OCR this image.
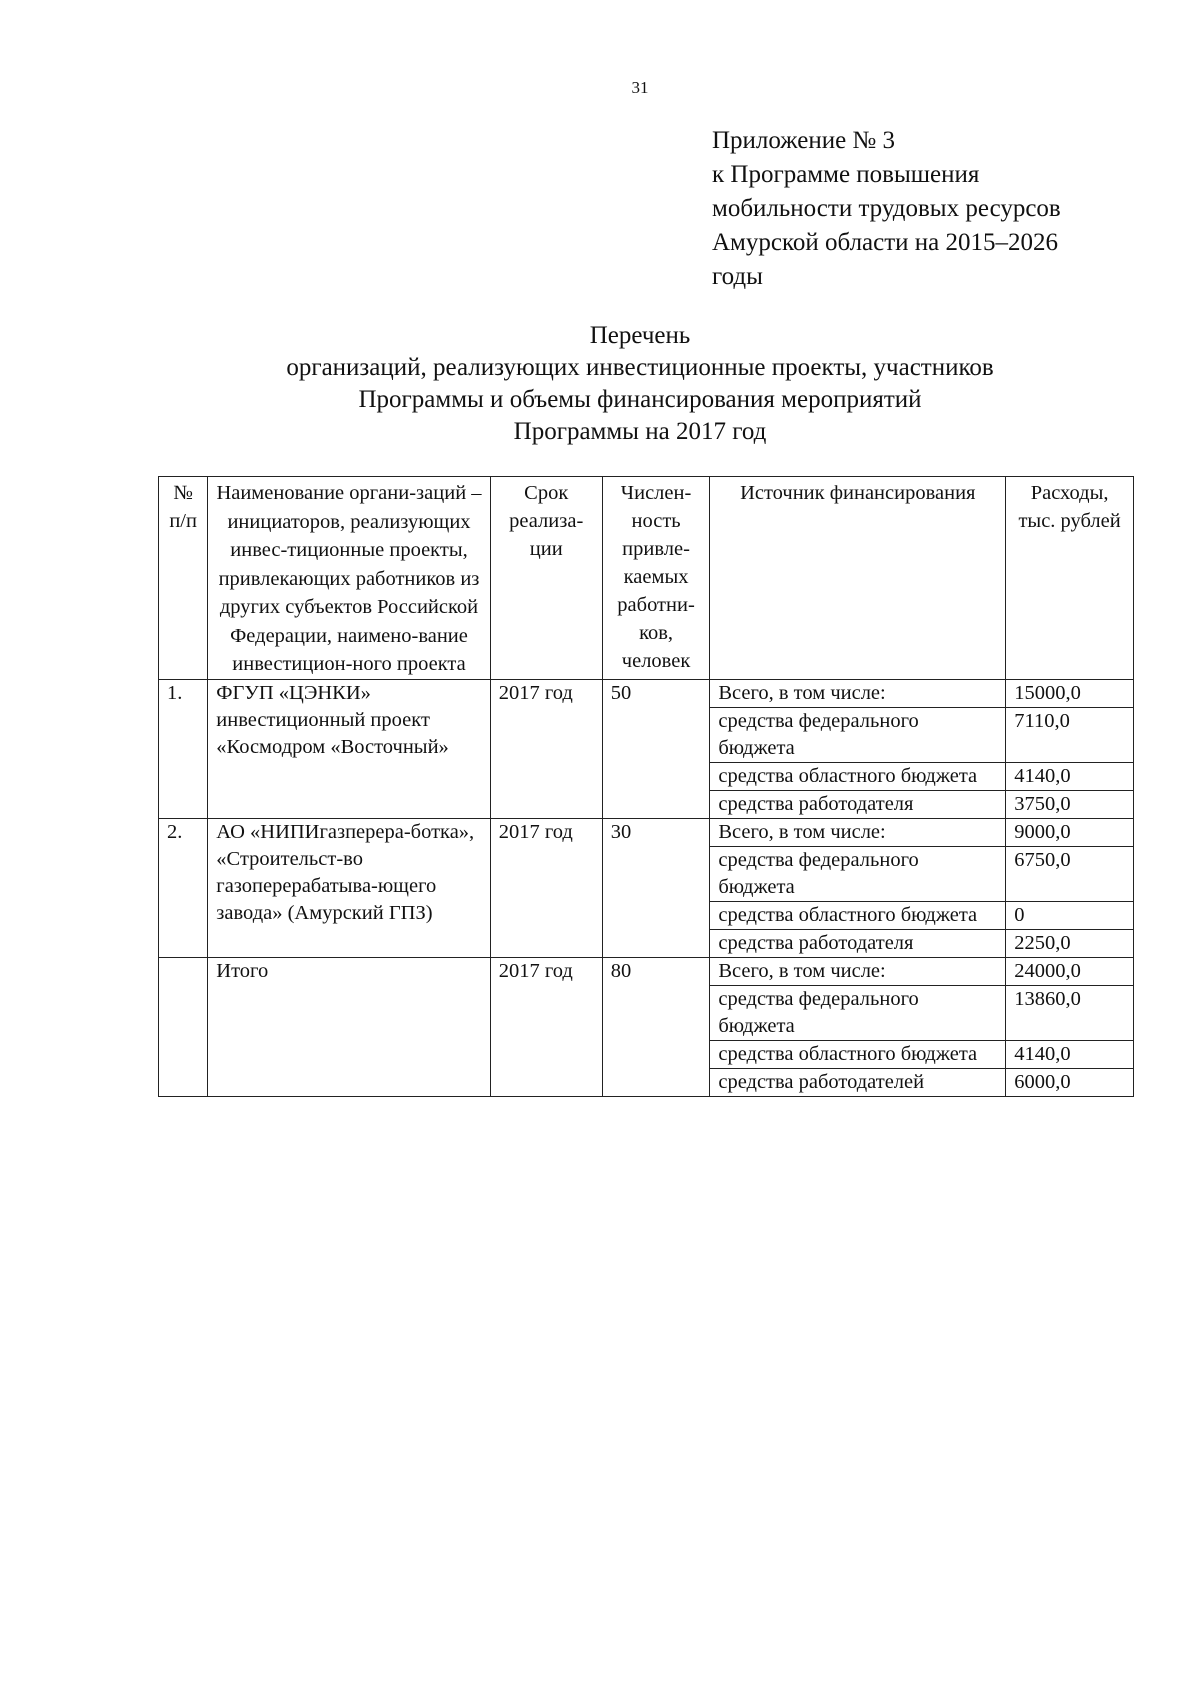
31
Приложение № 3
к Программе повышения
мобильности трудовых ресурсов
Амурской области на 2015–2026
годы
Перечень
организаций, реализующих инвестиционные проекты, участников
Программы и объемы финансирования мероприятий
Программы на 2017 год
№ п/п	Наименование органи-заций – инициаторов, реализующих инвес-тиционные проекты, привлекающих работников из других субъектов Российской Федерации, наимено-вание инвестицион-ного проекта	Срок реализа-ции	Числен-ность привле-каемых работни-ков, человек	Источник финансирования	Расходы, тыс. рублей
1.	ФГУП «ЦЭНКИ» инвестиционный проект «Космодром «Восточный»	2017 год	50	Всего, в том числе:	15000,0
				средства федерального бюджета	7110,0
				средства областного бюджета	4140,0
				средства работодателя	3750,0
2.	АО «НИПИгазперера-ботка», «Строительст-во газоперерабатыва-ющего завода» (Амурский ГПЗ)	2017 год	30	Всего, в том числе:	9000,0
				средства федерального бюджета	6750,0
				средства областного бюджета	0
				средства работодателя	2250,0
	Итого	2017 год	80	Всего, в том числе:	24000,0
				средства федерального бюджета	13860,0
				средства областного бюджета	4140,0
				средства работодателей	6000,0
